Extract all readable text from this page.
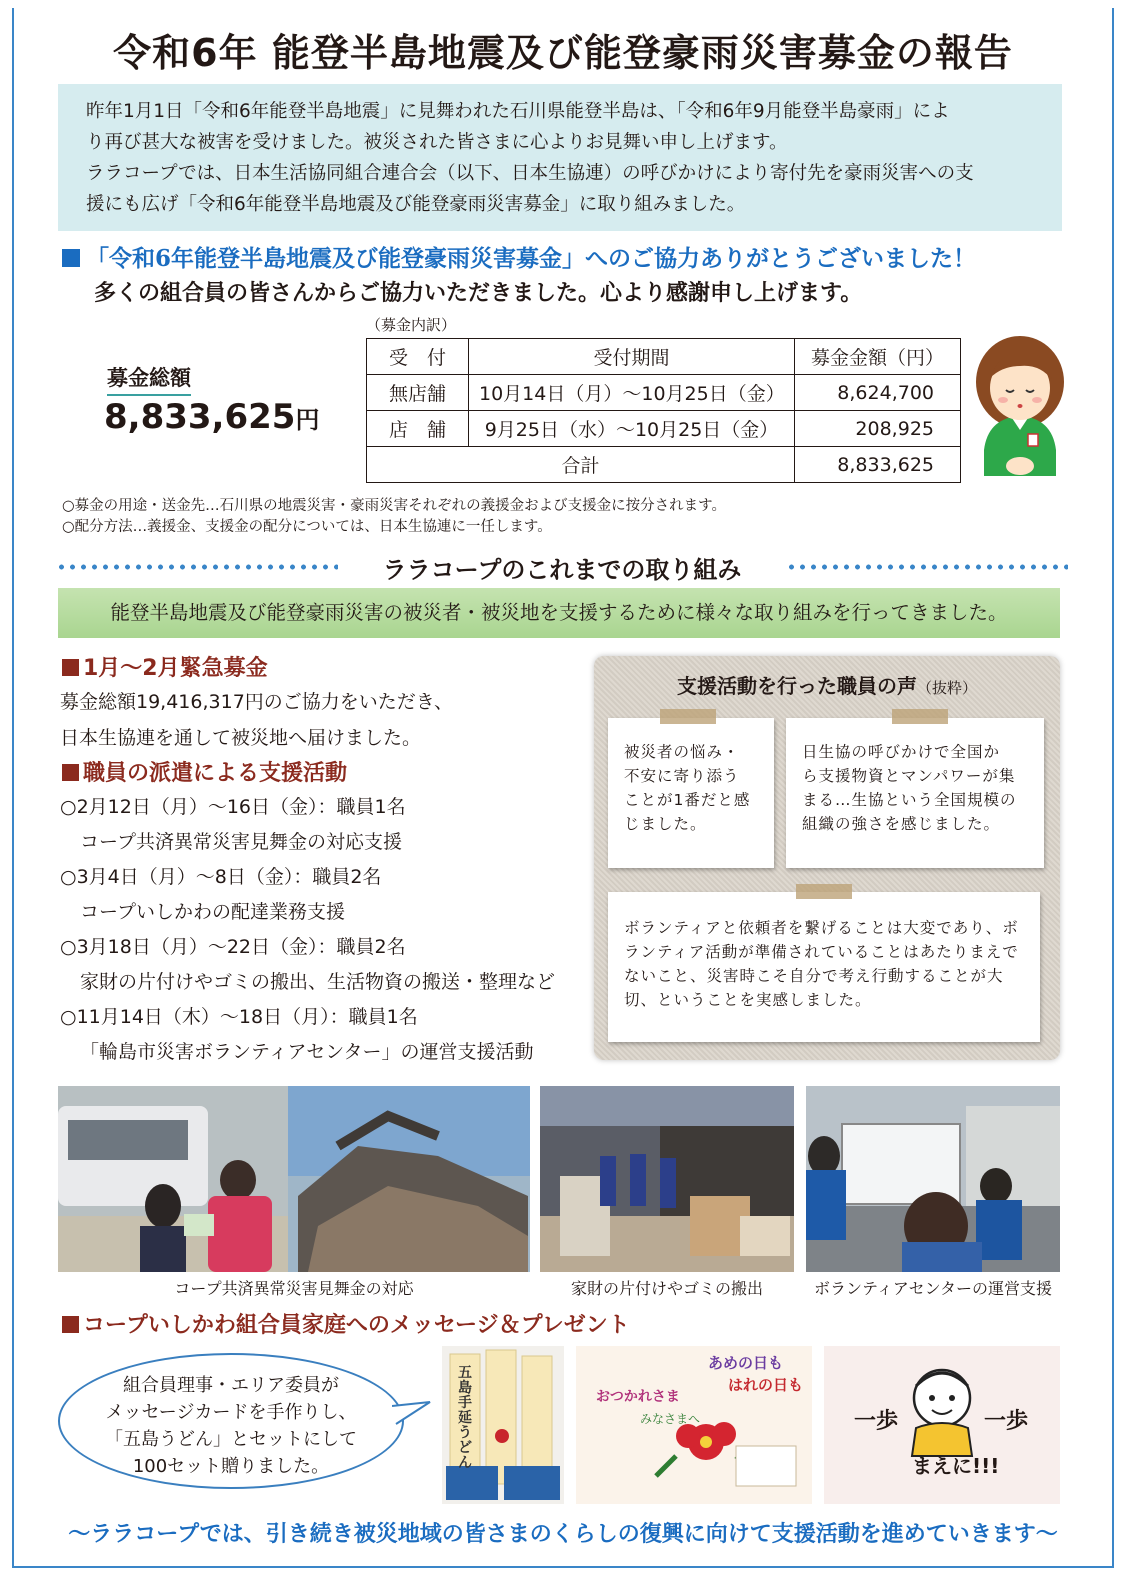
令和6年 能登半島地震及び能登豪雨災害募金の報告
昨年1月1日「令和6年能登半島地震」に見舞われた石川県能登半島は、「令和6年9月能登半島豪雨」によ
り再び甚大な被害を受けました。被災された皆さまに心よりお見舞い申し上げます。
ララコープでは、日本生活協同組合連合会（以下、日本生協連）の呼びかけにより寄付先を豪雨災害への支
援にも広げ「令和6年能登半島地震及び能登豪雨災害募金」に取り組みました。
「令和6年能登半島地震及び能登豪雨災害募金」へのご協力ありがとうございました！
多くの組合員の皆さんからご協力いただきました。心より感謝申し上げます。
募金総額
8,833,625円
（募金内訳）
受　付	受付期間	募金金額（円）
無店舗	10月14日（月）～10月25日（金）	8,624,700
店　舗	9月25日（水）～10月25日（金）	208,925
合計		8,833,625
○募金の用途・送金先…石川県の地震災害・豪雨災害それぞれの義援金および支援金に按分されます。
○配分方法…義援金、支援金の配分については、日本生協連に一任します。
ララコープのこれまでの取り組み
能登半島地震及び能登豪雨災害の被災者・被災地を支援するために様々な取り組みを行ってきました。
1月～2月緊急募金
募金総額19,416,317円のご協力をいただき、
日本生協連を通して被災地へ届けました。
職員の派遣による支援活動
○2月12日（月）～16日（金）：職員1名
コープ共済異常災害見舞金の対応支援
○3月4日（月）～8日（金）：職員2名
コープいしかわの配達業務支援
○3月18日（月）～22日（金）：職員2名
家財の片付けやゴミの搬出、生活物資の搬送・整理など
○11月14日（木）～18日（月）：職員1名
「輪島市災害ボランティアセンター」の運営支援活動
支援活動を行った職員の声（抜粋）
被災者の悩み・
不安に寄り添う
ことが1番だと感
じました。
日生協の呼びかけで全国か
ら支援物資とマンパワーが集
まる…生協という全国規模の
組織の強さを感じました。
ボランティアと依頼者を繋げることは大変であり、ボ
ランティア活動が準備されていることはあたりまえで
ないこと、災害時こそ自分で考え行動することが大
切、ということを実感しました。
コープ共済異常災害見舞金の対応	家財の片付けやゴミの搬出	ボランティアセンターの運営支援
コープいしかわ組合員家庭へのメッセージ＆プレゼント
組合員理事・エリア委員が
メッセージカードを手作りし、
「五島うどん」とセットにして
100セット贈りました。
五島手延うどん
おつかれさま
あめの日も
はれの日も
みなさまへ	一歩	一歩
まえに!!!
～ララコープでは、引き続き被災地域の皆さまのくらしの復興に向けて支援活動を進めていきます～
